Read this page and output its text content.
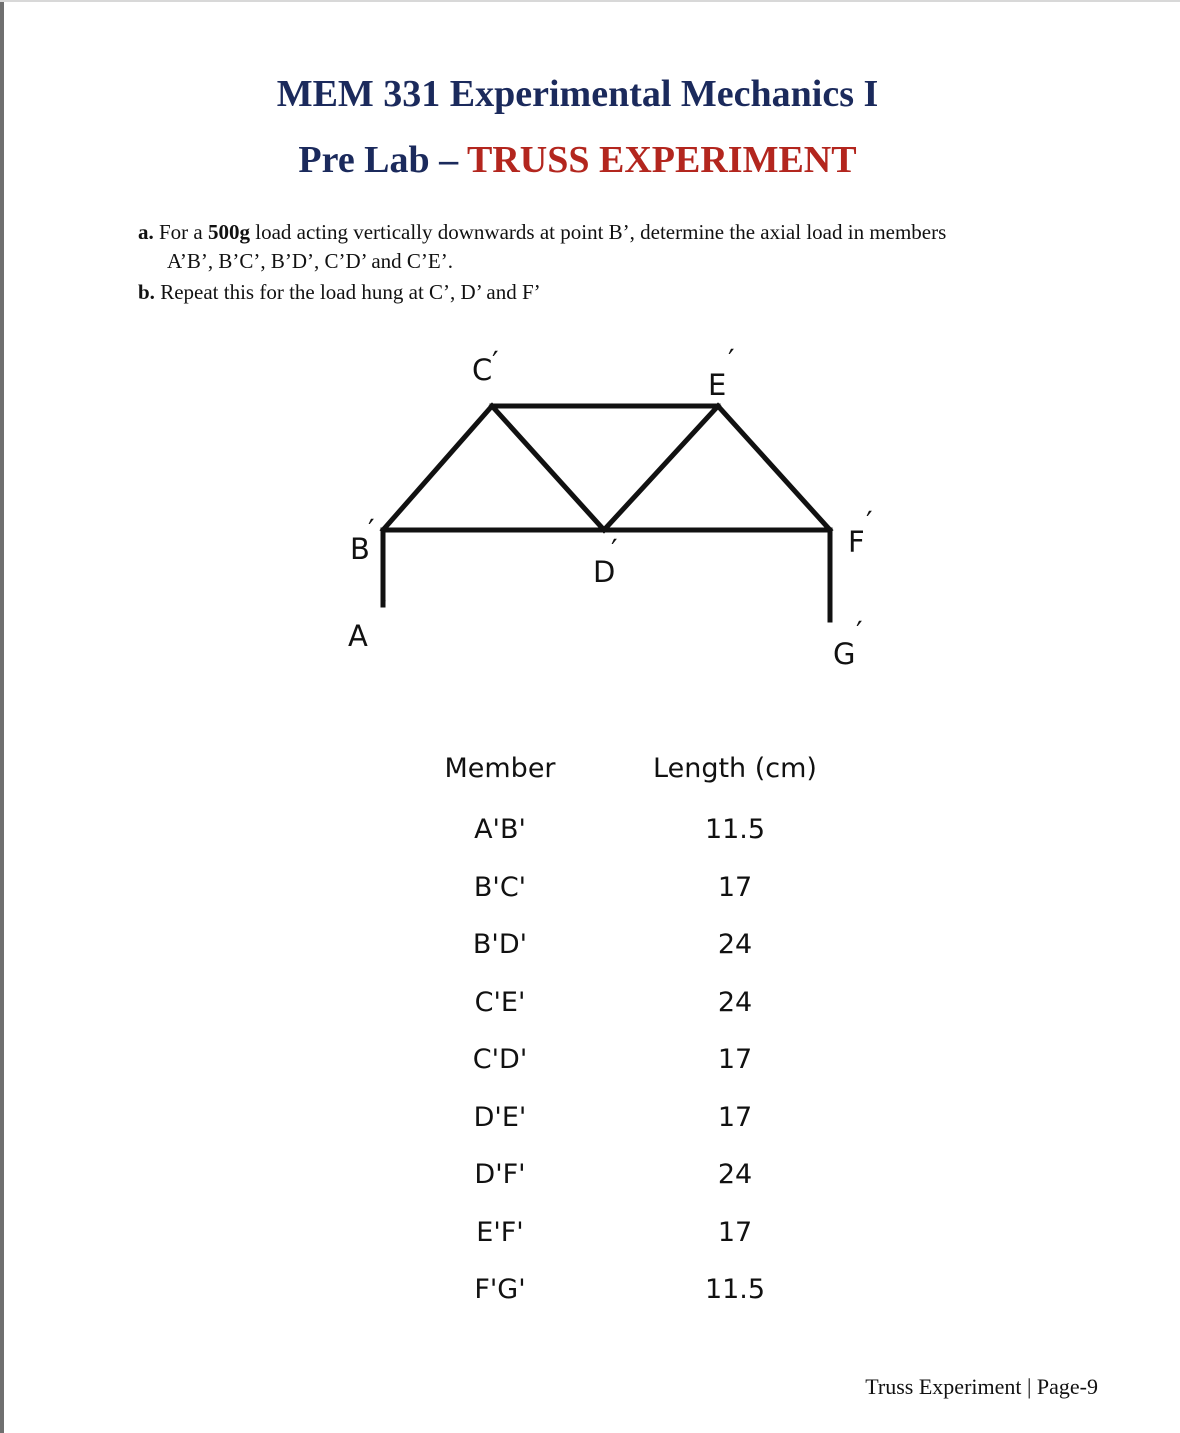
MEM 331 Experimental Mechanics I
Pre Lab – TRUSS EXPERIMENT
a. For a 500g load acting vertically downwards at point B’, determine the axial load in members
A’B’, B’C’, B’D’, C’D’ and C’E’.
b. Repeat this for the load hung at C’, D’ and F’
C ′
E
′
B
′
D
′	F
′
A
′
G
′
Member	Length (cm)
A'B'	11.5
B'C'	17
B'D'	24
C'E'	24
C'D'	17
D'E'	17
D'F'	24
E'F'	17
F'G'	11.5
Truss Experiment | Page-9
